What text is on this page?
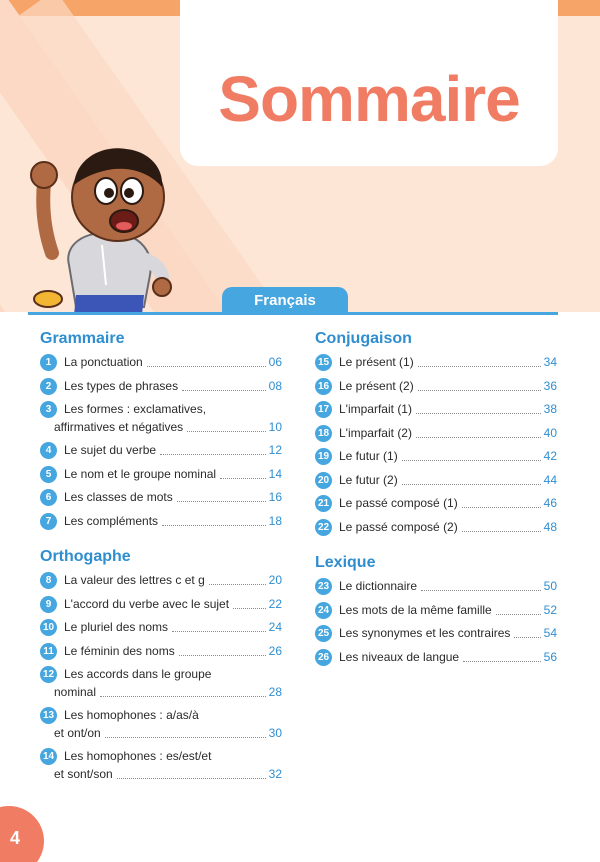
Sommaire
Français
Grammaire
1	La ponctuation	06
2	Les types de phrases	08
3	Les formes : exclamatives,
affirmatives et négatives	10
4	Le sujet du verbe	12
5	Le nom et le groupe nominal	14
6	Les classes de mots	16
7	Les compléments	18
Orthogaphe
8	La valeur des lettres c et g	20
9	L'accord du verbe avec le sujet	22
10 Le pluriel des noms	24
11 Le féminin des noms	26
12 Les accords dans le groupe
nominal	28
13 Les homophones : a/as/à
et ont/on	30
14 Les homophones : es/est/et
et sont/son	32
Conjugaison
15 Le présent (1)	34
16 Le présent (2)	36
17 L'imparfait (1)	38
18 L'imparfait (2)	40
19 Le futur (1)	42
20 Le futur (2)	44
21 Le passé composé (1)	46
22 Le passé composé (2)	48
Lexique
23 Le dictionnaire	50
24 Les mots de la même famille	52
25 Les synonymes et les contraires	54
26 Les niveaux de langue	56
4
